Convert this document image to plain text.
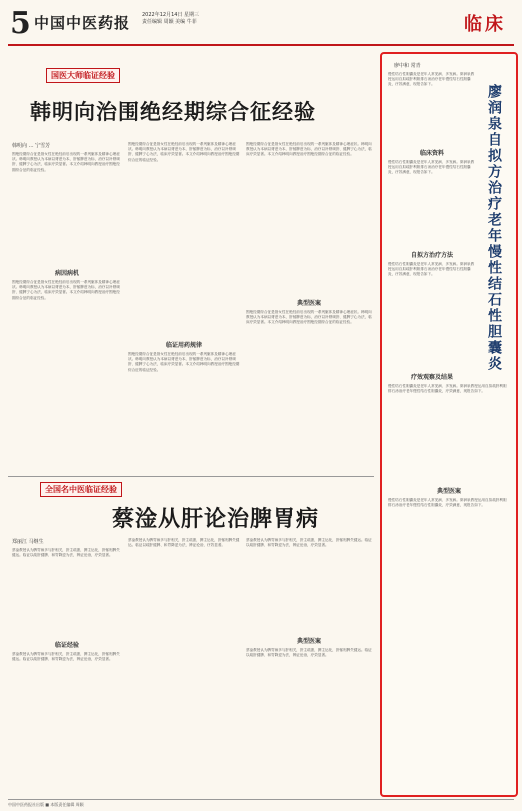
5 中国中医药报 2022年12月14日 星期三
责任编辑 周颖 美编 牛菲	临床
国医大师临证经验
韩明向治围绝经期综合征经验
韩明向 … 宁雪芳
围绝经期综合征是指女性在绝经前后出现的一系列躯体及精神心理症状。韩明向教授认为本病以肾虚为本，肝郁脾虚为标，治疗以补肾调肝、健脾宁心为法，临床疗效显著。本文介绍韩明向教授治疗围绝经期综合征的临证经验。
病因病机
围绝经期综合征是指女性在绝经前后出现的一系列躯体及精神心理症状。韩明向教授认为本病以肾虚为本，肝郁脾虚为标，治疗以补肾调肝、健脾宁心为法，临床疗效显著。本文介绍韩明向教授治疗围绝经期综合征的临证经验。
围绝经期综合征是指女性在绝经前后出现的一系列躯体及精神心理症状。韩明向教授认为本病以肾虚为本，肝郁脾虚为标，治疗以补肾调肝、健脾宁心为法，临床疗效显著。本文介绍韩明向教授治疗围绝经期综合征的临证经验。
临证用药规律
围绝经期综合征是指女性在绝经前后出现的一系列躯体及精神心理症状。韩明向教授认为本病以肾虚为本，肝郁脾虚为标，治疗以补肾调肝、健脾宁心为法，临床疗效显著。本文介绍韩明向教授治疗围绝经期综合征的临证经验。
围绝经期综合征是指女性在绝经前后出现的一系列躯体及精神心理症状。韩明向教授认为本病以肾虚为本，肝郁脾虚为标，治疗以补肾调肝、健脾宁心为法，临床疗效显著。本文介绍韩明向教授治疗围绝经期综合征的临证经验。
典型医案
围绝经期综合征是指女性在绝经前后出现的一系列躯体及精神心理症状。韩明向教授认为本病以肾虚为本，肝郁脾虚为标，治疗以补肾调肝、健脾宁心为法，临床疗效显著。本文介绍韩明向教授治疗围绝经期综合征的临证经验。
全国名中医临证经验
蔡淦从肝论治脾胃病
郑丽江 马继生
蔡淦教授认为脾胃病多与肝相关，肝主疏泄，脾主运化，肝郁则脾失健运。临证以疏肝健脾、和胃降逆为法，辨证论治，疗效显著。
临证经验
蔡淦教授认为脾胃病多与肝相关，肝主疏泄，脾主运化，肝郁则脾失健运。临证以疏肝健脾、和胃降逆为法，辨证论治，疗效显著。
蔡淦教授认为脾胃病多与肝相关，肝主疏泄，脾主运化，肝郁则脾失健运。临证以疏肝健脾、和胃降逆为法，辨证论治，疗效显著。
典型医案
蔡淦教授认为脾胃病多与肝相关，肝主疏泄，脾主运化，肝郁则脾失健运。临证以疏肝健脾、和胃降逆为法，辨证论治，疗效显著。
蔡淦教授认为脾胃病多与肝相关，肝主疏泄，脾主运化，肝郁则脾失健运。临证以疏肝健脾、和胃降逆为法，辨证论治，疗效显著。
廖中和 常青
慢性结石性胆囊炎是老年人常见病、多发病。廖润泉教授运用自拟疏肝利胆排石汤治疗老年慢性结石性胆囊炎，疗效满意，现报告如下。	廖润泉自拟方治疗老年慢性结石性胆囊炎
临床资料
慢性结石性胆囊炎是老年人常见病、多发病。廖润泉教授运用自拟疏肝利胆排石汤治疗老年慢性结石性胆囊炎，疗效满意，现报告如下。
自拟方治疗方法
慢性结石性胆囊炎是老年人常见病、多发病。廖润泉教授运用自拟疏肝利胆排石汤治疗老年慢性结石性胆囊炎，疗效满意，现报告如下。
疗效观察及结果
慢性结石性胆囊炎是老年人常见病、多发病。廖润泉教授运用自拟疏肝利胆排石汤治疗老年慢性结石性胆囊炎，疗效满意，现报告如下。
典型医案
慢性结石性胆囊炎是老年人常见病、多发病。廖润泉教授运用自拟疏肝利胆排石汤治疗老年慢性结石性胆囊炎，疗效满意，现报告如下。
中国中医药报社出版 ■ 本版责任编辑 周颖
